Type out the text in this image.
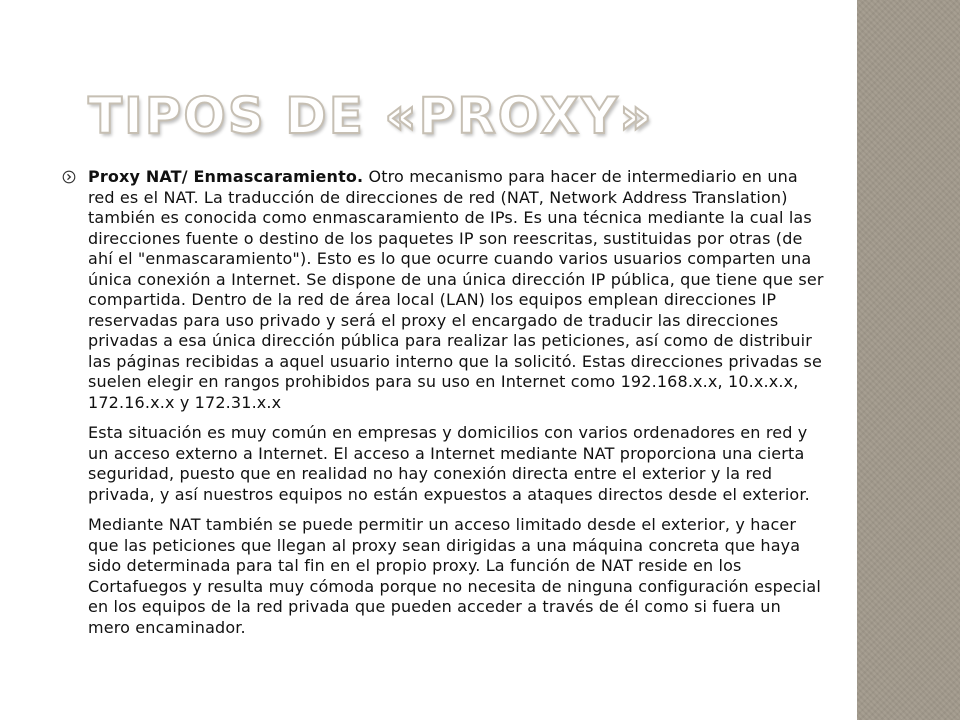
TIPOS DE «PROXY»

Proxy NAT/ Enmascaramiento. Otro mecanismo para hacer de intermediario en una red es el NAT. La traducción de direcciones de red (NAT, Network Address Translation) también es conocida como enmascaramiento de IPs. Es una técnica mediante la cual las direcciones fuente o destino de los paquetes IP son reescritas, sustituidas por otras (de ahí el "enmascaramiento"). Esto es lo que ocurre cuando varios usuarios comparten una única conexión a Internet. Se dispone de una única dirección IP pública, que tiene que ser compartida. Dentro de la red de área local (LAN) los equipos emplean direcciones IP reservadas para uso privado y será el proxy el encargado de traducir las direcciones privadas a esa única dirección pública para realizar las peticiones, así como de distribuir las páginas recibidas a aquel usuario interno que la solicitó. Estas direcciones privadas se suelen elegir en rangos prohibidos para su uso en Internet como 192.168.x.x, 10.x.x.x, 172.16.x.x y 172.31.x.x

Esta situación es muy común en empresas y domicilios con varios ordenadores en red y un acceso externo a Internet. El acceso a Internet mediante NAT proporciona una cierta seguridad, puesto que en realidad no hay conexión directa entre el exterior y la red privada, y así nuestros equipos no están expuestos a ataques directos desde el exterior.

Mediante NAT también se puede permitir un acceso limitado desde el exterior, y hacer que las peticiones que llegan al proxy sean dirigidas a una máquina concreta que haya sido determinada para tal fin en el propio proxy. La función de NAT reside en los Cortafuegos y resulta muy cómoda porque no necesita de ninguna configuración especial en los equipos de la red privada que pueden acceder a través de él como si fuera un mero encaminador.
